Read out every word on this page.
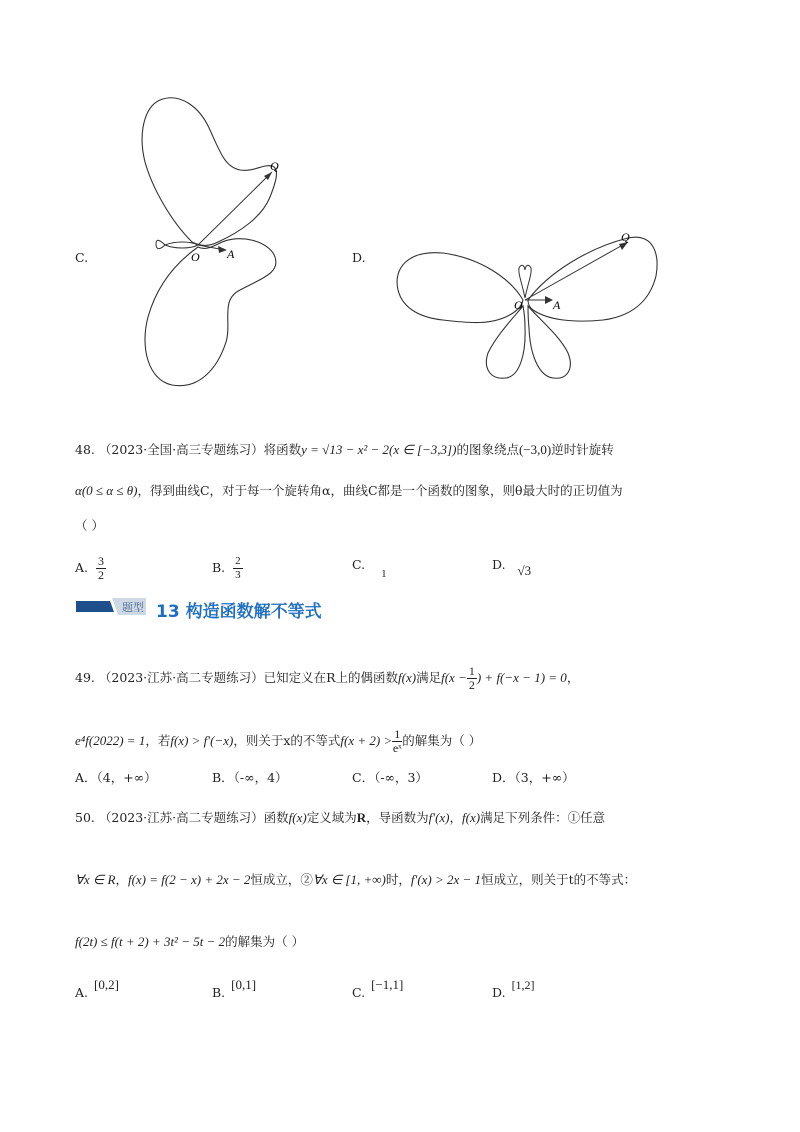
C.	O A
Q
D.
O	A
Q
48. （2023·全国·高三专题练习）将函数y = √13 − x² − 2(x ∈ [−3,3])的图象绕点(−3,0)逆时针旋转
α(0 ≤ α ≤ θ)，得到曲线C，对于每一个旋转角α，曲线C都是一个函数的图象，则θ最大时的正切值为
（ ）
A. $\frac{3}{2}$	B. $\frac{2}{3}$	C. 1
D. √3
题型 13 构造函数解不等式
49. （2023·江苏·高二专题练习）已知定义在R上的偶函数f(x)满足$f(x - \frac{1}{2}$ ) + f(−x − 1) = 0，
e⁴f(2022) = 1，若f(x) > f′(−x)，则关于x的不等式$f(x + 2) > \frac{1}{\text{eˣ}}$ 的解集为（ ）
A．（4，+∞）	B．（-∞，4）	C．（-∞，3）	D．（3，+∞）
50. （2023·江苏·高二专题练习）函数f(x)定义域为R，导函数为f′(x)，f(x)满足下列条件：①任意
∀x ∈ R，f(x) = f(2 − x) + 2x − 2恒成立，②∀x ∈ [1, +∞)时，f′(x) > 2x − 1恒成立，则关于t的不等式：
f(2t) ≤ f(t + 2) + 3t² − 5t − 2的解集为（ ）
A.[0,2]
B.[0,1]
C.[−1,1]
D. [1,2]
